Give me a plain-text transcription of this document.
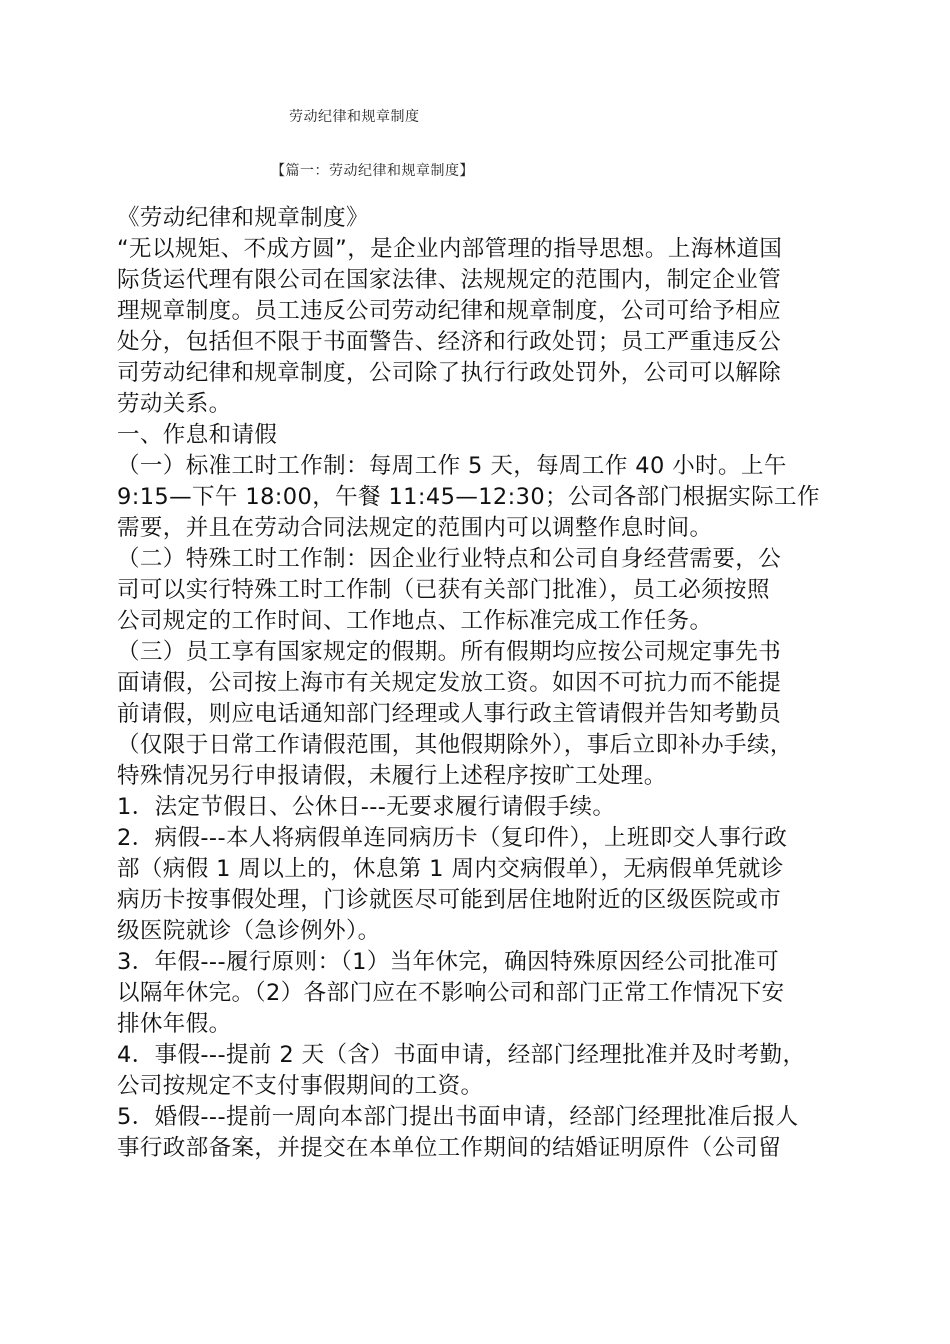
劳动纪律和规章制度
【篇一：劳动纪律和规章制度】
《劳动纪律和规章制度》
“无以规矩、不成方圆”，是企业内部管理的指导思想。上海林道国
际货运代理有限公司在国家法律、法规规定的范围内，制定企业管
理规章制度。员工违反公司劳动纪律和规章制度，公司可给予相应
处分，包括但不限于书面警告、经济和行政处罚；员工严重违反公
司劳动纪律和规章制度，公司除了执行行政处罚外，公司可以解除
劳动关系。
一、作息和请假
（一）标准工时工作制：每周工作 5 天，每周工作 40 小时。上午
9:15—下午 18:00，午餐 11:45—12:30；公司各部门根据实际工作
需要，并且在劳动合同法规定的范围内可以调整作息时间。
（二）特殊工时工作制：因企业行业特点和公司自身经营需要，公
司可以实行特殊工时工作制（已获有关部门批准），员工必须按照
公司规定的工作时间、工作地点、工作标准完成工作任务。
（三）员工享有国家规定的假期。所有假期均应按公司规定事先书
面请假，公司按上海市有关规定发放工资。如因不可抗力而不能提
前请假，则应电话通知部门经理或人事行政主管请假并告知考勤员
（仅限于日常工作请假范围，其他假期除外），事后立即补办手续，
特殊情况另行申报请假，未履行上述程序按旷工处理。
1．法定节假日、公休日---无要求履行请假手续。
2．病假---本人将病假单连同病历卡（复印件），上班即交人事行政
部（病假 1 周以上的，休息第 1 周内交病假单），无病假单凭就诊
病历卡按事假处理，门诊就医尽可能到居住地附近的区级医院或市
级医院就诊（急诊例外）。
3．年假---履行原则：（1）当年休完，确因特殊原因经公司批准可
以隔年休完。（2）各部门应在不影响公司和部门正常工作情况下安
排休年假。
4．事假---提前 2 天（含）书面申请，经部门经理批准并及时考勤，
公司按规定不支付事假期间的工资。
5．婚假---提前一周向本部门提出书面申请，经部门经理批准后报人
事行政部备案，并提交在本单位工作期间的结婚证明原件（公司留
